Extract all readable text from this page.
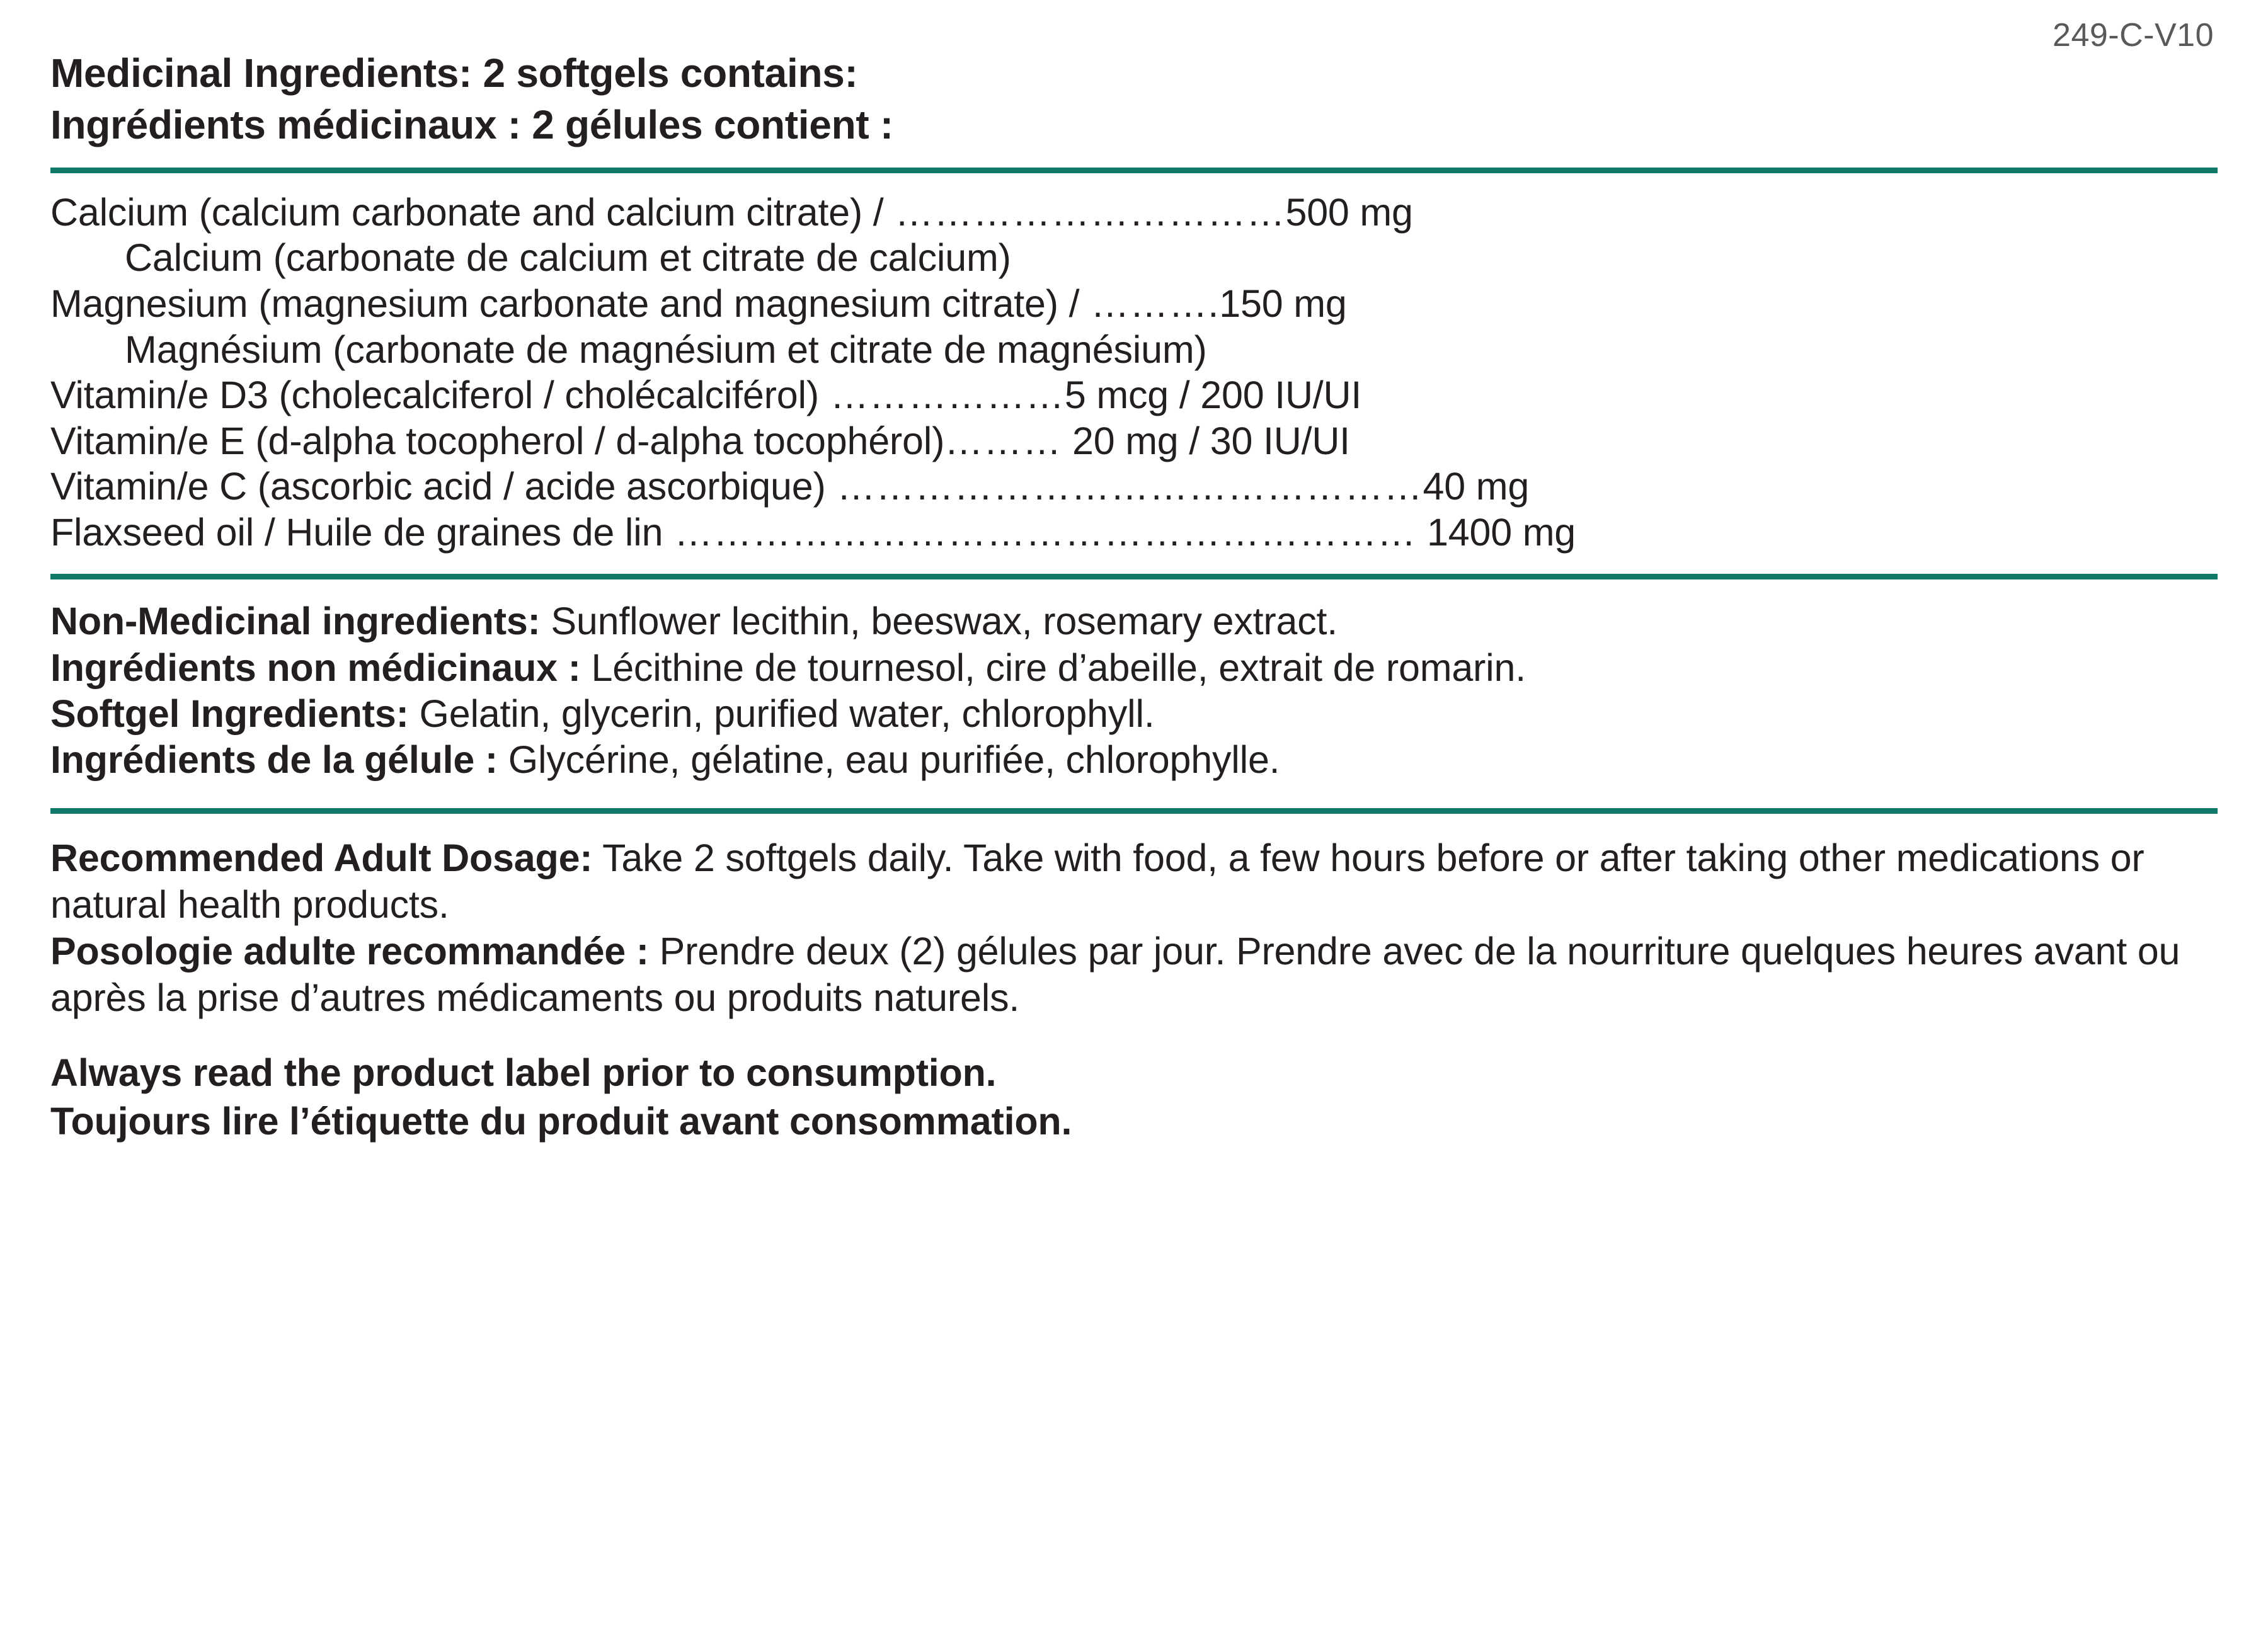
249-C-V10
Medicinal Ingredients: 2 softgels contains:
Ingrédients médicinaux : 2 gélules contient :
Calcium (calcium carbonate and calcium citrate) / …………………………500 mg
Calcium (carbonate de calcium et citrate de calcium)
Magnesium (magnesium carbonate and magnesium citrate) / ……….150 mg
Magnésium (carbonate de magnésium et citrate de magnésium)
Vitamin/e D3 (cholecalciferol / cholécalciférol) ………………5 mcg / 200 IU/UI
Vitamin/e E (d-alpha tocopherol / d-alpha tocophérol)……… 20 mg / 30 IU/UI
Vitamin/e C (ascorbic acid / acide ascorbique) ………………………………………40 mg
Flaxseed oil / Huile de graines de lin ………………………………………………… 1400 mg
Non-Medicinal ingredients: Sunflower lecithin, beeswax, rosemary extract.
Ingrédients non médicinaux : Lécithine de tournesol, cire d’abeille, extrait de romarin.
Softgel Ingredients: Gelatin, glycerin, purified water, chlorophyll.
Ingrédients de la gélule : Glycérine, gélatine, eau purifiée, chlorophylle.
Recommended Adult Dosage: Take 2 softgels daily. Take with food, a few hours before or after taking other medications or natural health products.
Posologie adulte recommandée : Prendre deux (2) gélules par jour. Prendre avec de la nourriture quelques heures avant ou après la prise d’autres médicaments ou produits naturels.
Always read the product label prior to consumption.
Toujours lire l’étiquette du produit avant consommation.
